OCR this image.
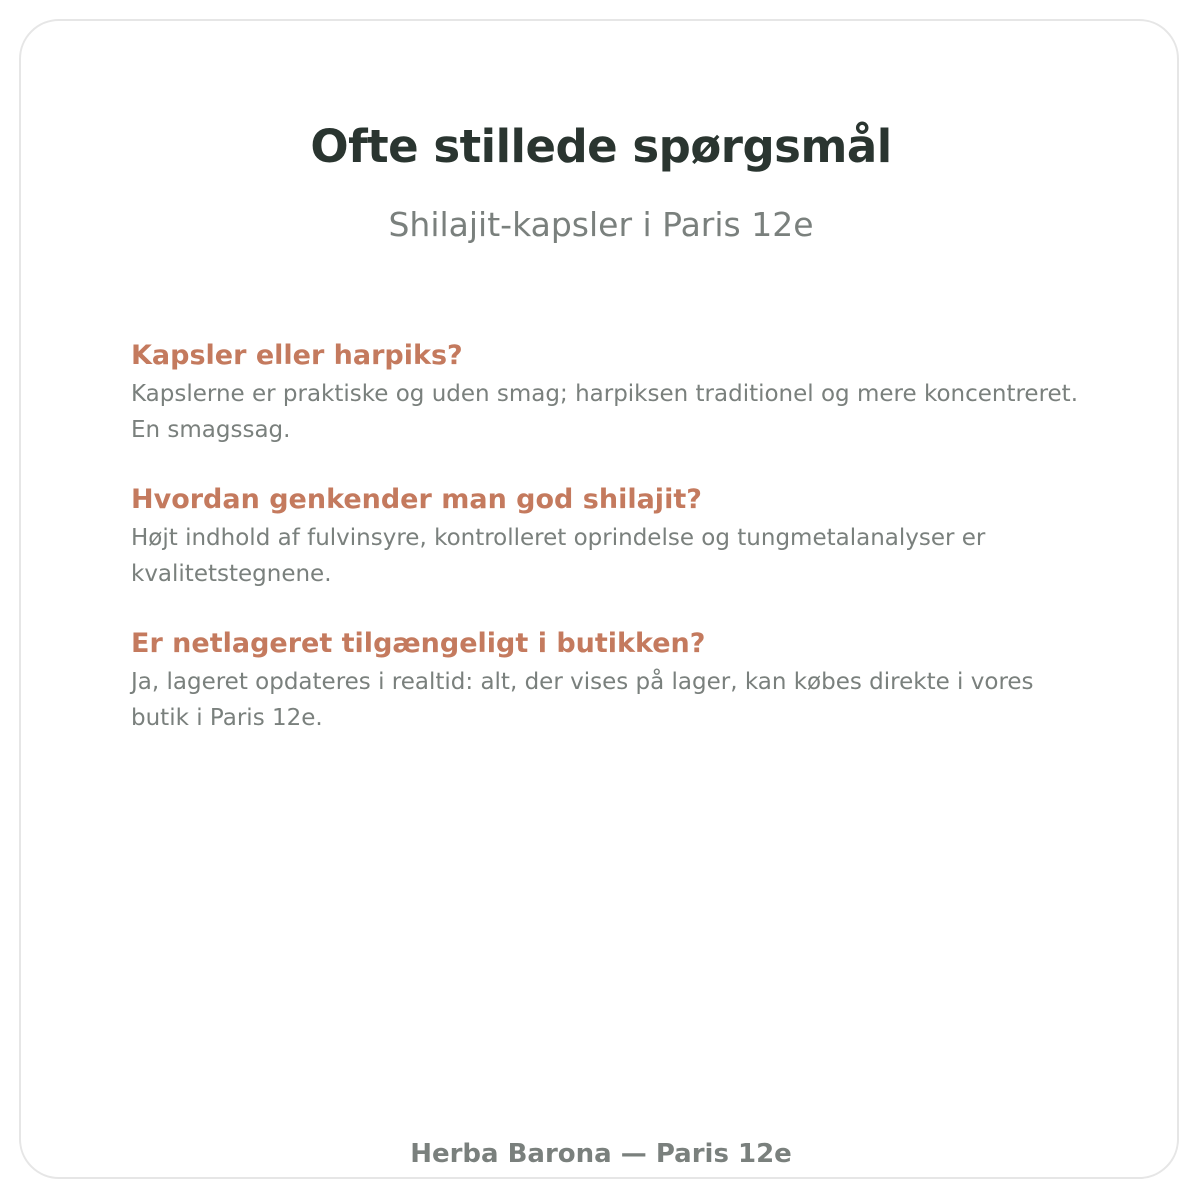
Ofte stillede spørgsmål

Shilajit-kapsler i Paris 12e

Kapsler eller harpiks?

Kapslerne er praktiske og uden smag; harpiksen traditionel og mere koncentreret. En smagssag.

Hvordan genkender man god shilajit?

Højt indhold af fulvinsyre, kontrolleret oprindelse og tungmetalanalyser er kvalitetstegnene.

Er netlageret tilgængeligt i butikken?

Ja, lageret opdateres i realtid: alt, der vises på lager, kan købes direkte i vores butik i Paris 12e.

Herba Barona — Paris 12e
